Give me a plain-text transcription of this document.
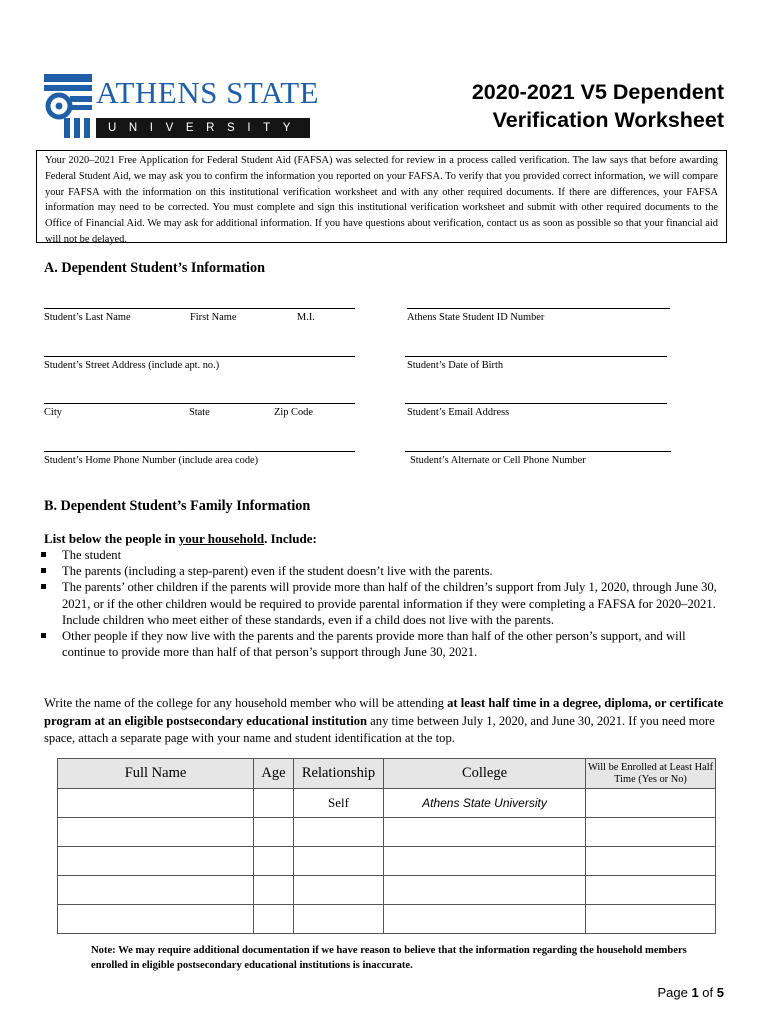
ATHENS STATE
UNIVERSITY
2020-2021 V5 Dependent
Verification Worksheet
Your 2020–2021 Free Application for Federal Student Aid (FAFSA) was selected for review in a process called verification. The law says that before awarding Federal Student Aid, we may ask you to confirm the information you reported on your FAFSA. To verify that you provided correct information, we will compare your FAFSA with the information on this institutional verification worksheet and with any other required documents. If there are differences, your FAFSA information may need to be corrected. You must complete and sign this institutional verification worksheet and submit with other required documents to the Office of Financial Aid. We may ask for additional information. If you have questions about verification, contact us as soon as possible so that your financial aid will not be delayed.
A. Dependent Student’s Information
Student’s Last Name	First Name	M.I.	Athens State Student ID Number
Student’s Street Address (include apt. no.)	Student’s Date of Birth
City	State	Zip Code	Student’s Email Address
Student’s Home Phone Number (include area code)	Student’s Alternate or Cell Phone Number
B. Dependent Student’s Family Information
List below the people in your household. Include:
The student
The parents (including a step-parent) even if the student doesn’t live with the parents.
The parents’ other children if the parents will provide more than half of the children’s support from July 1, 2020, through June 30, 2021, or if the other children would be required to provide parental information if they were completing a FAFSA for 2020–2021. Include children who meet either of these standards, even if a child does not live with the parents.
Other people if they now live with the parents and the parents provide more than half of the other person’s support, and will continue to provide more than half of that person’s support through June 30, 2021.
Write the name of the college for any household member who will be attending at least half time in a degree, diploma, or certificate program at an eligible postsecondary educational institution any time between July 1, 2020, and June 30, 2021. If you need more space, attach a separate page with your name and student identification at the top.
Full Name	Age	Relationship	College	Will be Enrolled at Least Half Time (Yes or No)
		Self	Athens State University	

Note: We may require additional documentation if we have reason to believe that the information regarding the household members enrolled in eligible postsecondary educational institutions is inaccurate.
Page 1 of 5
